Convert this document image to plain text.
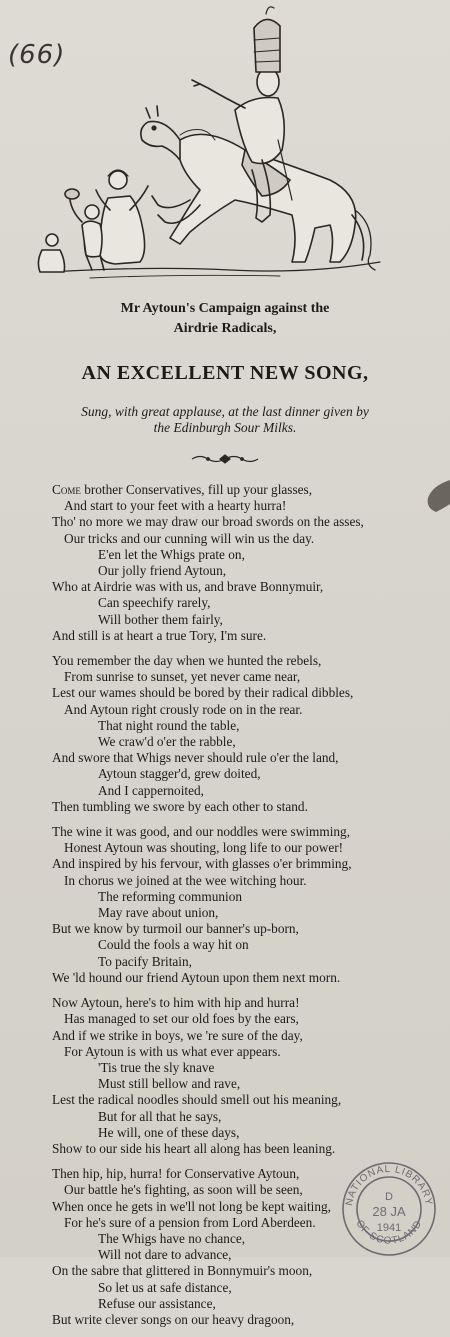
(66)
Mr Aytoun's Campaign against the
Airdrie Radicals,
AN EXCELLENT NEW SONG,
Sung, with great applause, at the last dinner given by
the Edinburgh Sour Milks.
Come brother Conservatives, fill up your glasses,
And start to your feet with a hearty hurra!
Tho' no more we may draw our broad swords on the asses,
Our tricks and our cunning will win us the day.
E'en let the Whigs prate on,
Our jolly friend Aytoun,
Who at Airdrie was with us, and brave Bonnymuir,
Can speechify rarely,
Will bother them fairly,
And still is at heart a true Tory, I'm sure.
You remember the day when we hunted the rebels,
From sunrise to sunset, yet never came near,
Lest our wames should be bored by their radical dibbles,
And Aytoun right crously rode on in the rear.
That night round the table,
We craw'd o'er the rabble,
And swore that Whigs never should rule o'er the land,
Aytoun stagger'd, grew doited,
And I cappernoited,
Then tumbling we swore by each other to stand.
The wine it was good, and our noddles were swimming,
Honest Aytoun was shouting, long life to our power!
And inspired by his fervour, with glasses o'er brimming,
In chorus we joined at the wee witching hour.
The reforming communion
May rave about union,
But we know by turmoil our banner's up-born,
Could the fools a way hit on
To pacify Britain,
We 'ld hound our friend Aytoun upon them next morn.
Now Aytoun, here's to him with hip and hurra!
Has managed to set our old foes by the ears,
And if we strike in boys, we 're sure of the day,
For Aytoun is with us what ever appears.
'Tis true the sly knave
Must still bellow and rave,
Lest the radical noodles should smell out his meaning,
But for all that he says,
He will, one of these days,
Show to our side his heart all along has been leaning.
Then hip, hip, hurra! for Conservative Aytoun,
Our battle he's fighting, as soon will be seen,
When once he gets in we'll not long be kept waiting,
For he's sure of a pension from Lord Aberdeen.
The Whigs have no chance,
Will not dare to advance,
On the sabre that glittered in Bonnymuir's moon,
So let us at safe distance,
Refuse our assistance,
But write clever songs on our heavy dragoon,
NATIONAL LIBRARY
OF SCOTLAND
D
28 JA
1941
